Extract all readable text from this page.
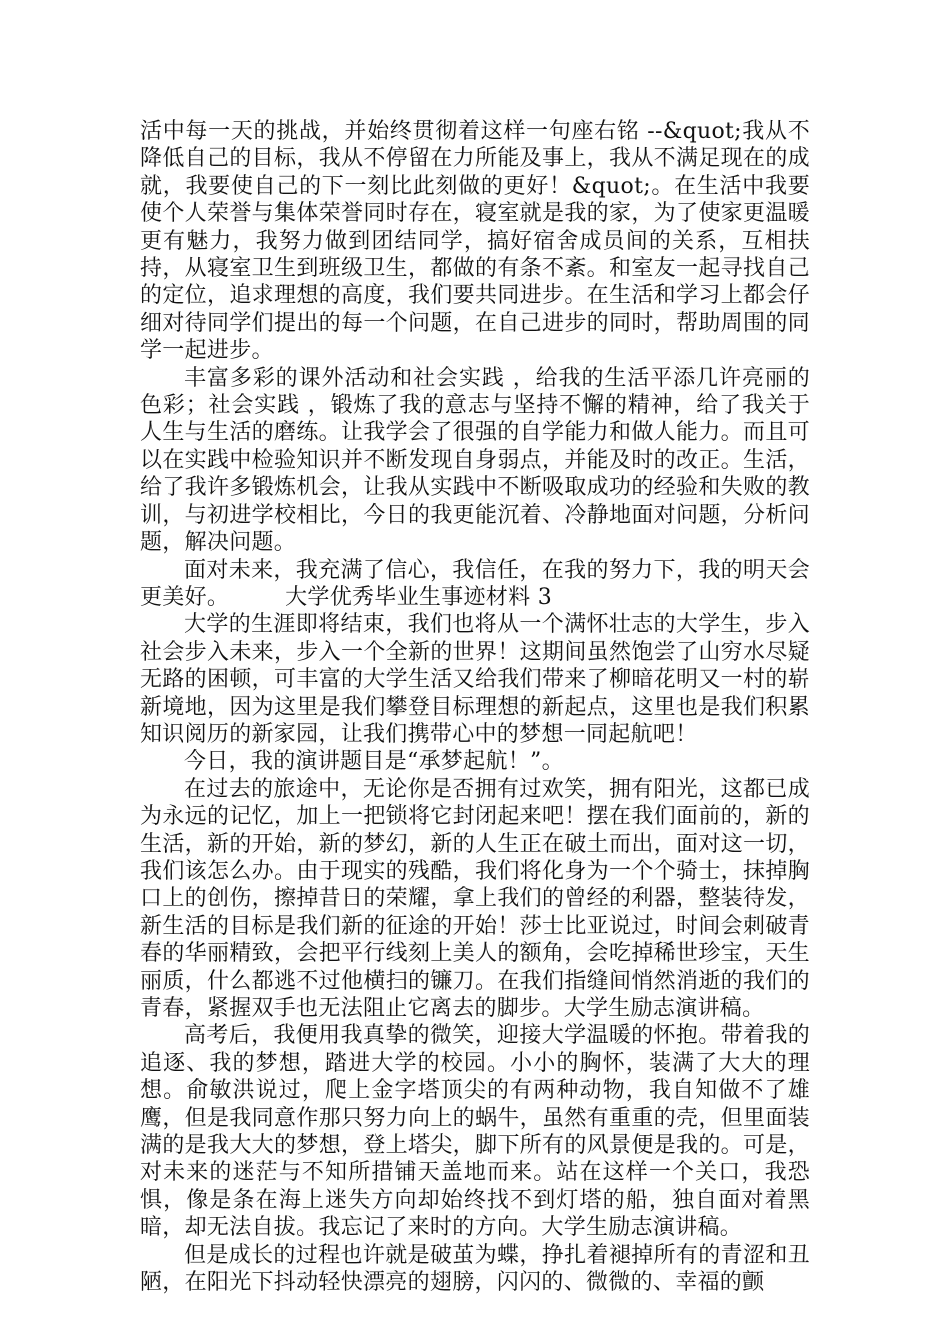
活中每一天的挑战，并始终贯彻着这样一句座右铭 --&quot;我从不降低自己的目标，我从不停留在力所能及事上，我从不满足现在的成就，我要使自己的下一刻比此刻做的更好！&quot;。在生活中我要使个人荣誉与集体荣誉同时存在，寝室就是我的家，为了使家更温暖更有魅力，我努力做到团结同学，搞好宿舍成员间的关系，互相扶持，从寝室卫生到班级卫生，都做的有条不紊。和室友一起寻找自己的定位，追求理想的高度，我们要共同进步。在生活和学习上都会仔细对待同学们提出的每一个问题，在自己进步的同时，帮助周围的同学一起进步。

丰富多彩的课外活动和社会实践 ，给我的生活平添几许亮丽的色彩；社会实践 ，锻炼了我的意志与坚持不懈的精神，给了我关于人生与生活的磨练。让我学会了很强的自学能力和做人能力。而且可以在实践中检验知识并不断发现自身弱点，并能及时的改正。生活，给了我许多锻炼机会，让我从实践中不断吸取成功的经验和失败的教训，与初进学校相比，今日的我更能沉着、冷静地面对问题，分析问题，解决问题。

面对未来，我充满了信心，我信任，在我的努力下，我的明天会更美好。　　　大学优秀毕业生事迹材料 3

大学的生涯即将结束，我们也将从一个满怀壮志的大学生，步入社会步入未来，步入一个全新的世界！这期间虽然饱尝了山穷水尽疑无路的困顿，可丰富的大学生活又给我们带来了柳暗花明又一村的崭新境地，因为这里是我们攀登目标理想的新起点，这里也是我们积累知识阅历的新家园，让我们携带心中的梦想一同起航吧！

今日，我的演讲题目是“承梦起航！”。

在过去的旅途中，无论你是否拥有过欢笑，拥有阳光，这都已成为永远的记忆，加上一把锁将它封闭起来吧！摆在我们面前的，新的生活，新的开始，新的梦幻，新的人生正在破土而出，面对这一切，我们该怎么办。由于现实的残酷，我们将化身为一个个骑士，抹掉胸口上的创伤，擦掉昔日的荣耀，拿上我们的曾经的利器，整装待发，新生活的目标是我们新的征途的开始！莎士比亚说过，时间会刺破青春的华丽精致，会把平行线刻上美人的额角，会吃掉稀世珍宝，天生丽质，什么都逃不过他横扫的镰刀。在我们指缝间悄然消逝的我们的青春，紧握双手也无法阻止它离去的脚步。大学生励志演讲稿。

高考后，我便用我真挚的微笑，迎接大学温暖的怀抱。带着我的追逐、我的梦想，踏进大学的校园。小小的胸怀，装满了大大的理想。俞敏洪说过，爬上金字塔顶尖的有两种动物，我自知做不了雄鹰，但是我同意作那只努力向上的蜗牛，虽然有重重的壳，但里面装满的是我大大的梦想，登上塔尖，脚下所有的风景便是我的。可是，对未来的迷茫与不知所措铺天盖地而来。站在这样一个关口，我恐惧，像是条在海上迷失方向却始终找不到灯塔的船，独自面对着黑暗，却无法自拔。我忘记了来时的方向。大学生励志演讲稿。

但是成长的过程也许就是破茧为蝶，挣扎着褪掉所有的青涩和丑陋，在阳光下抖动轻快漂亮的翅膀，闪闪的、微微的、幸福的颤
